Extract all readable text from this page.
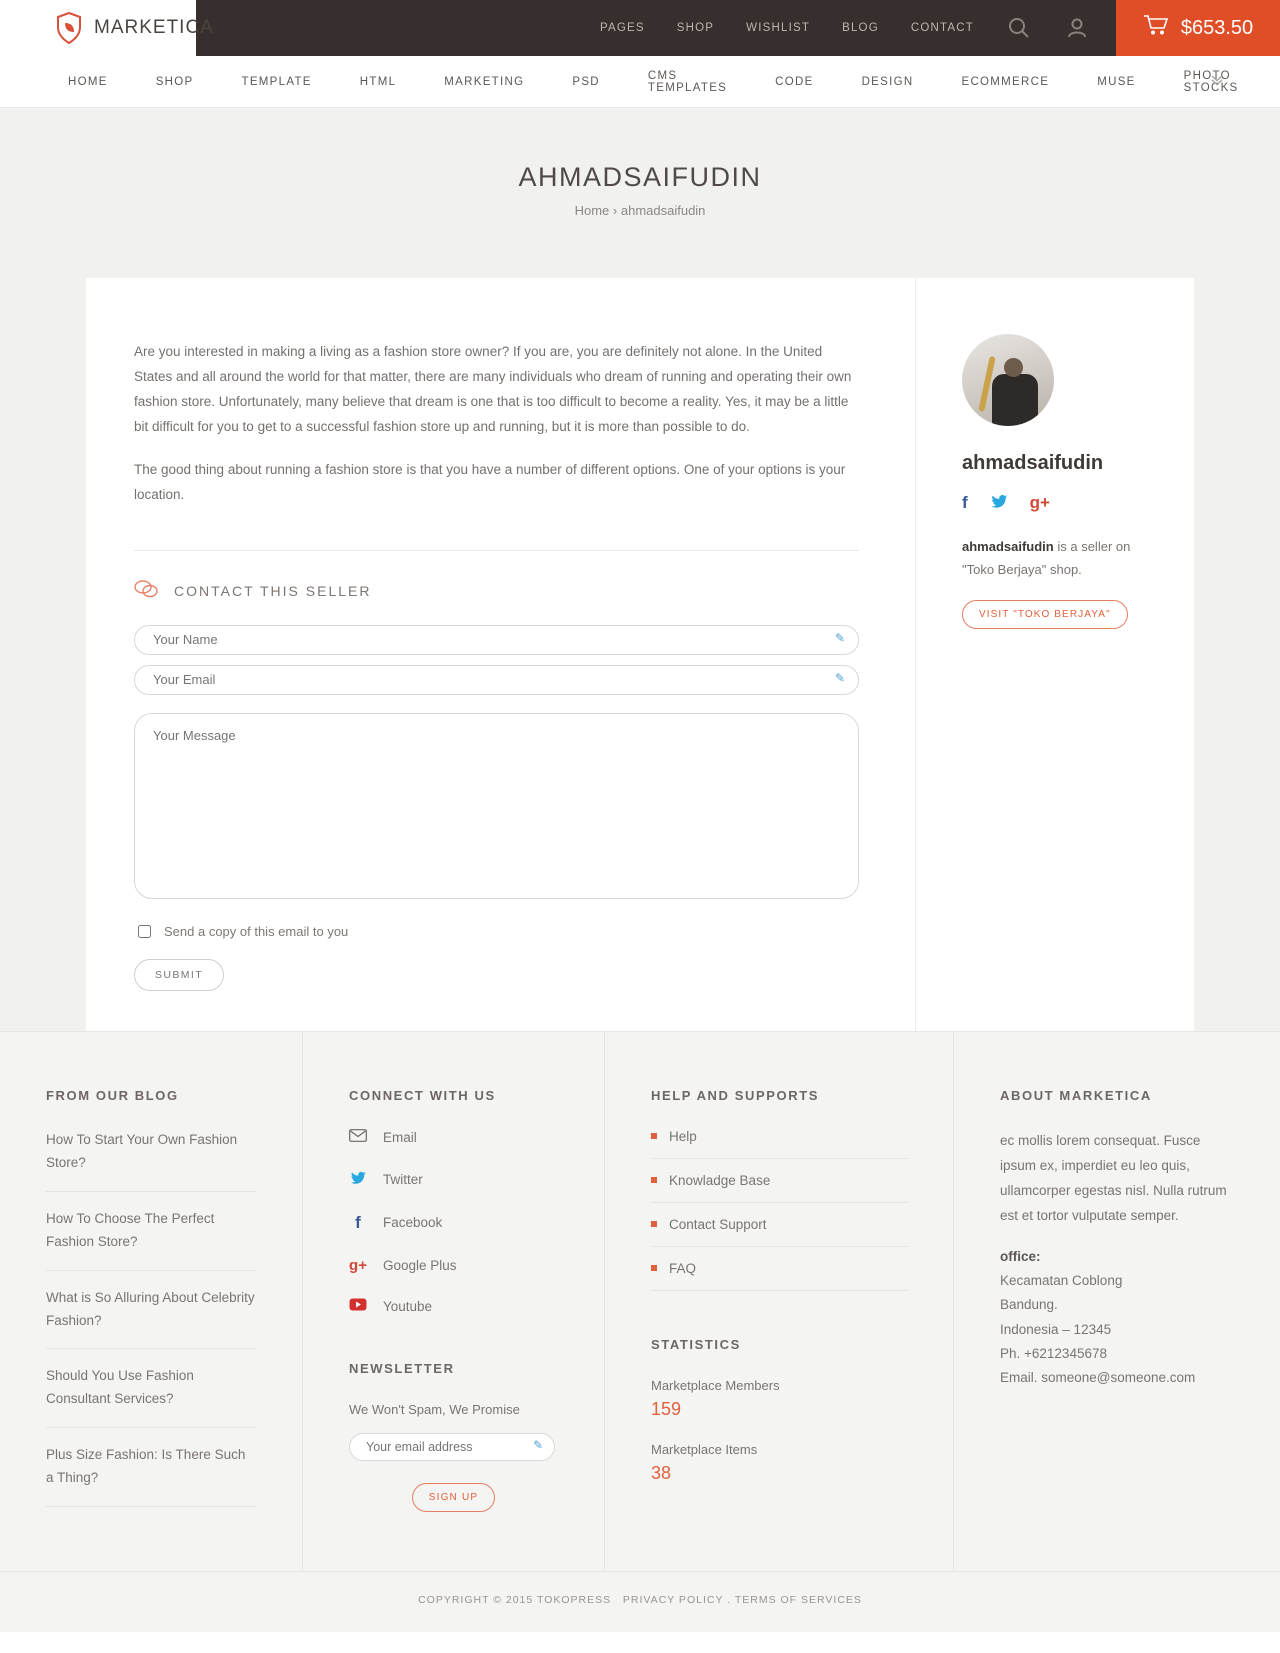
MARKETICA	PAGES	SHOP	WISHLIST	BLOG	CONTACT	$653.50
HOME	SHOP	TEMPLATE	HTML	MARKETING	PSD	CMS TEMPLATES	CODE	DESIGN	ECOMMERCE	MUSE	PHOTO STOCKS
AHMADSAIFUDIN
Home › ahmadsaifudin

Are you interested in making a living as a fashion store owner? If you are, you are definitely not alone. In the United States and all around the world for that matter, there are many individuals who dream of running and operating their own fashion store. Unfortunately, many believe that dream is one that is too difficult to become a reality. Yes, it may be a little bit difficult for you to get to a successful fashion store up and running, but it is more than possible to do.

The good thing about running a fashion store is that you have a number of different options. One of your options is your location.

CONTACT THIS SELLER
Your Name
✎
Your Email
✎
Your Message
Send a copy of this email to you
SUBMIT
ahmadsaifudin
f	g+
ahmadsaifudin is a seller on "Toko Berjaya" shop.
VISIT "TOKO BERJAYA"
FROM OUR BLOG
How To Start Your Own Fashion Store?
How To Choose The Perfect Fashion Store?
What is So Alluring About Celebrity Fashion?
Should You Use Fashion Consultant Services?
Plus Size Fashion: Is There Such a Thing?
CONNECT WITH US
Email
Twitter
f	Facebook
g+ Google Plus
Youtube
NEWSLETTER
We Won't Spam, We Promise
Your email address
✎
SIGN UP
HELP AND SUPPORTS
Help
Knowladge Base
Contact Support
FAQ
STATISTICS
Marketplace Members
159
Marketplace Items
38
ABOUT MARKETICA

ec mollis lorem consequat. Fusce ipsum ex, imperdiet eu leo quis, ullamcorper egestas nisl. Nulla rutrum est et tortor vulputate semper.

office:
Kecamatan Coblong
Bandung.
Indonesia – 12345
Ph. +6212345678
Email. someone@someone.com
COPYRIGHT © 2015 TOKOPRESS PRIVACY POLICY . TERMS OF SERVICES
